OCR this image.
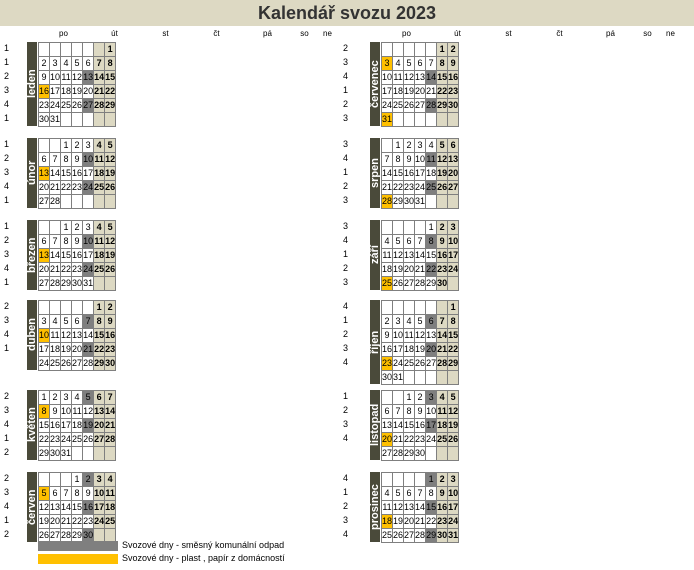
Kalendář svozu 2023
po	út	st	čt	pá	so	ne	po	út	st	čt	pá	so	ne
leden
1
1
2
3
4
1
						1
2	3	4	5	6	7	8
9	10	11	12	13	14	15
16	17	18	19	20	21	22
23	24	25	26	27	28	29
30	31					
červenec
2
3
4
1
2
3
					1	2
3	4	5	6	7	8	9
10	11	12	13	14	15	16
17	18	19	20	21	22	23
24	25	26	27	28	29	30
31						
únor
1
2
3
4
1
		1	2	3	4	5
6	7	8	9	10	11	12
13	14	15	16	17	18	19
20	21	22	23	24	25	26
27	28					
srpen
3
4
1
2
3
	1	2	3	4	5	6
7	8	9	10	11	12	13
14	15	16	17	18	19	20
21	22	23	24	25	26	27
28	29	30	31			
březen
1
2
3
4
1
		1	2	3	4	5
6	7	8	9	10	11	12
13	14	15	16	17	18	19
20	21	22	23	24	25	26
27	28	29	30	31		
září
3
4
1
2
3
				1	2	3
4	5	6	7	8	9	10
11	12	13	14	15	16	17
18	19	20	21	22	23	24
25	26	27	28	29	30	
duben
2
3
4
1
					1	2
3	4	5	6	7	8	9
10	11	12	13	14	15	16
17	18	19	20	21	22	23
24	25	26	27	28	29	30
říjen
4
1
2
3
4
						1
2	3	4	5	6	7	8
9	10	11	12	13	14	15
16	17	18	19	20	21	22
23	24	25	26	27	28	29
30	31					
květen
2
3
4
1
2
1	2	3	4	5	6	7
8	9	10	11	12	13	14
15	16	17	18	19	20	21
22	23	24	25	26	27	28
29	30	31				
listopad
1
2
3
4
		1	2	3	4	5
6	7	8	9	10	11	12
13	14	15	16	17	18	19
20	21	22	23	24	25	26
27	28	29	30			
červen
2
3
4
1
2
			1	2	3	4
5	6	7	8	9	10	11
12	13	14	15	16	17	18
19	20	21	22	23	24	25
26	27	28	29	30		
prosinec
4
1
2
3
4
				1	2	3
4	5	6	7	8	9	10
11	12	13	14	15	16	17
18	19	20	21	22	23	24
25	26	27	28	29	30	31
Svozové dny - směsný komunální odpad
Svozové dny - plast , papír z domácností
